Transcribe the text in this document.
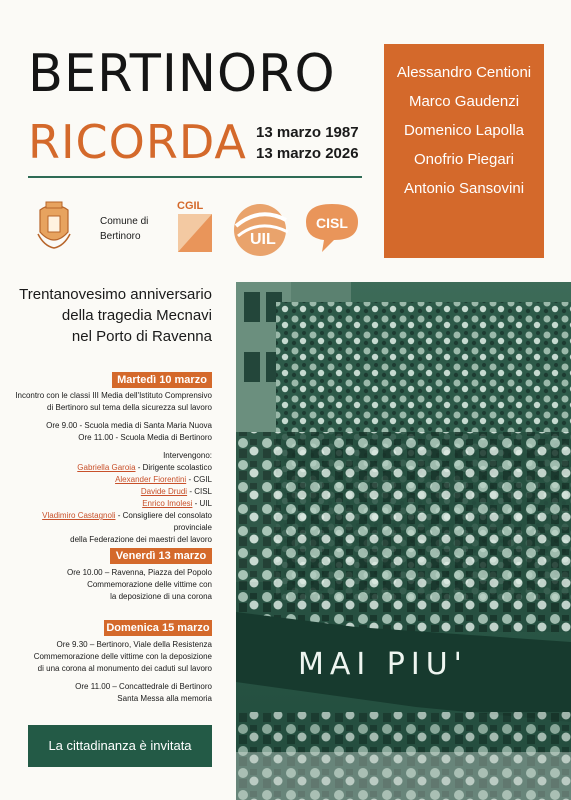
BERTINORO
RICORDA 13 marzo 1987
13 marzo 2026
Alessandro Centioni
Marco Gaudenzi
Domenico Lapolla
Onofrio Piegari
Antonio Sansovini
Comune di
Bertinoro
CGIL
UIL
CISL
Trentanovesimo anniversario
della tragedia Mecnavi
nel Porto di Ravenna
Martedì 10 marzo
Incontro con le classi III Media dell'Istituto Comprensivo
di Bertinoro sul tema della sicurezza sul lavoro
Ore 9.00 - Scuola media di Santa Maria Nuova
Ore 11.00 - Scuola Media di Bertinoro
Intervengono:
Gabriella Garoia - Dirigente scolastico
Alexander Fiorentini - CGIL
Davide Drudi - CISL
Enrico Imolesi - UIL
Vladimiro Castagnoli - Consigliere del consolato provinciale
della Federazione dei maestri del lavoro
Venerdì 13 marzo
Ore 10.00 – Ravenna, Piazza del Popolo
Commemorazione delle vittime con
la deposizione di una corona
Domenica 15 marzo
Ore 9.30 – Bertinoro, Viale della Resistenza
Commemorazione delle vittime con la deposizione
di una corona al monumento dei caduti sul lavoro
Ore 11.00 – Concattedrale di Bertinoro
Santa Messa alla memoria
La cittadinanza è invitata
MAI PIU'
